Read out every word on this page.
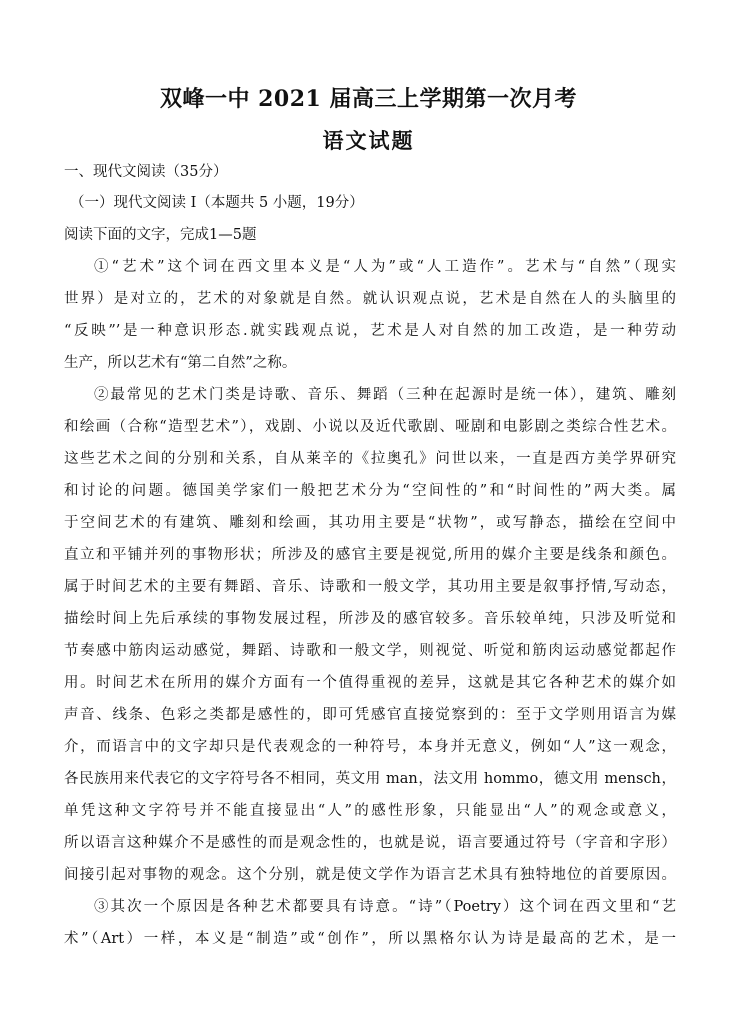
双峰一中 2021 届高三上学期第一次月考
语文试题
一、现代文阅读（35分）
（一）现代文阅读 I（本题共 5 小题，19分）
阅读下面的文字，完成1—5题
①“艺术”这个词在西文里本义是“人为”或“人工造作”。艺术与“自然”（现实
世界）是对立的，艺术的对象就是自然。就认识观点说，艺术是自然在人的头脑里的
“反映”’是一种意识形态.就实践观点说，艺术是人对自然的加工改造，是一种劳动
生产，所以艺术有“第二自然”之称。
②最常见的艺术门类是诗歌、音乐、舞蹈（三种在起源时是统一体），建筑、雕刻
和绘画（合称“造型艺术”），戏剧、小说以及近代歌剧、哑剧和电影剧之类综合性艺术。
这些艺术之间的分别和关系，自从莱辛的《拉奥孔》问世以来，一直是西方美学界研究
和讨论的问题。德国美学家们一般把艺术分为“空间性的”和“时间性的”两大类。属
于空间艺术的有建筑、雕刻和绘画，其功用主要是“状物”，或写静态，描绘在空间中
直立和平铺并列的事物形状；所涉及的感官主要是视觉,所用的媒介主要是线条和颜色。
属于时间艺术的主要有舞蹈、音乐、诗歌和一般文学，其功用主要是叙事抒情,写动态，
描绘时间上先后承续的事物发展过程，所涉及的感官较多。音乐较单纯，只涉及听觉和
节奏感中筋肉运动感觉，舞蹈、诗歌和一般文学，则视觉、听觉和筋肉运动感觉都起作
用。时间艺术在所用的媒介方面有一个值得重视的差异，这就是其它各种艺术的媒介如
声音、线条、色彩之类都是感性的，即可凭感官直接觉察到的：至于文学则用语言为媒
介，而语言中的文字却只是代表观念的一种符号，本身并无意义，例如“人”这一观念，
各民族用来代表它的文字符号各不相同，英文用 man，法文用 hommo，德文用 mensch，
单凭这种文字符号并不能直接显出“人”的感性形象，只能显出“人”的观念或意义，
所以语言这种媒介不是感性的而是观念性的，也就是说，语言要通过符号（字音和字形）
间接引起对事物的观念。这个分别，就是使文学作为语言艺术具有独特地位的首要原因。
③其次一个原因是各种艺术都要具有诗意。“诗”（Poetry）这个词在西文里和“艺
术”（Art）一样，本义是“制造”或“创作”，所以黑格尔认为诗是最高的艺术，是一
